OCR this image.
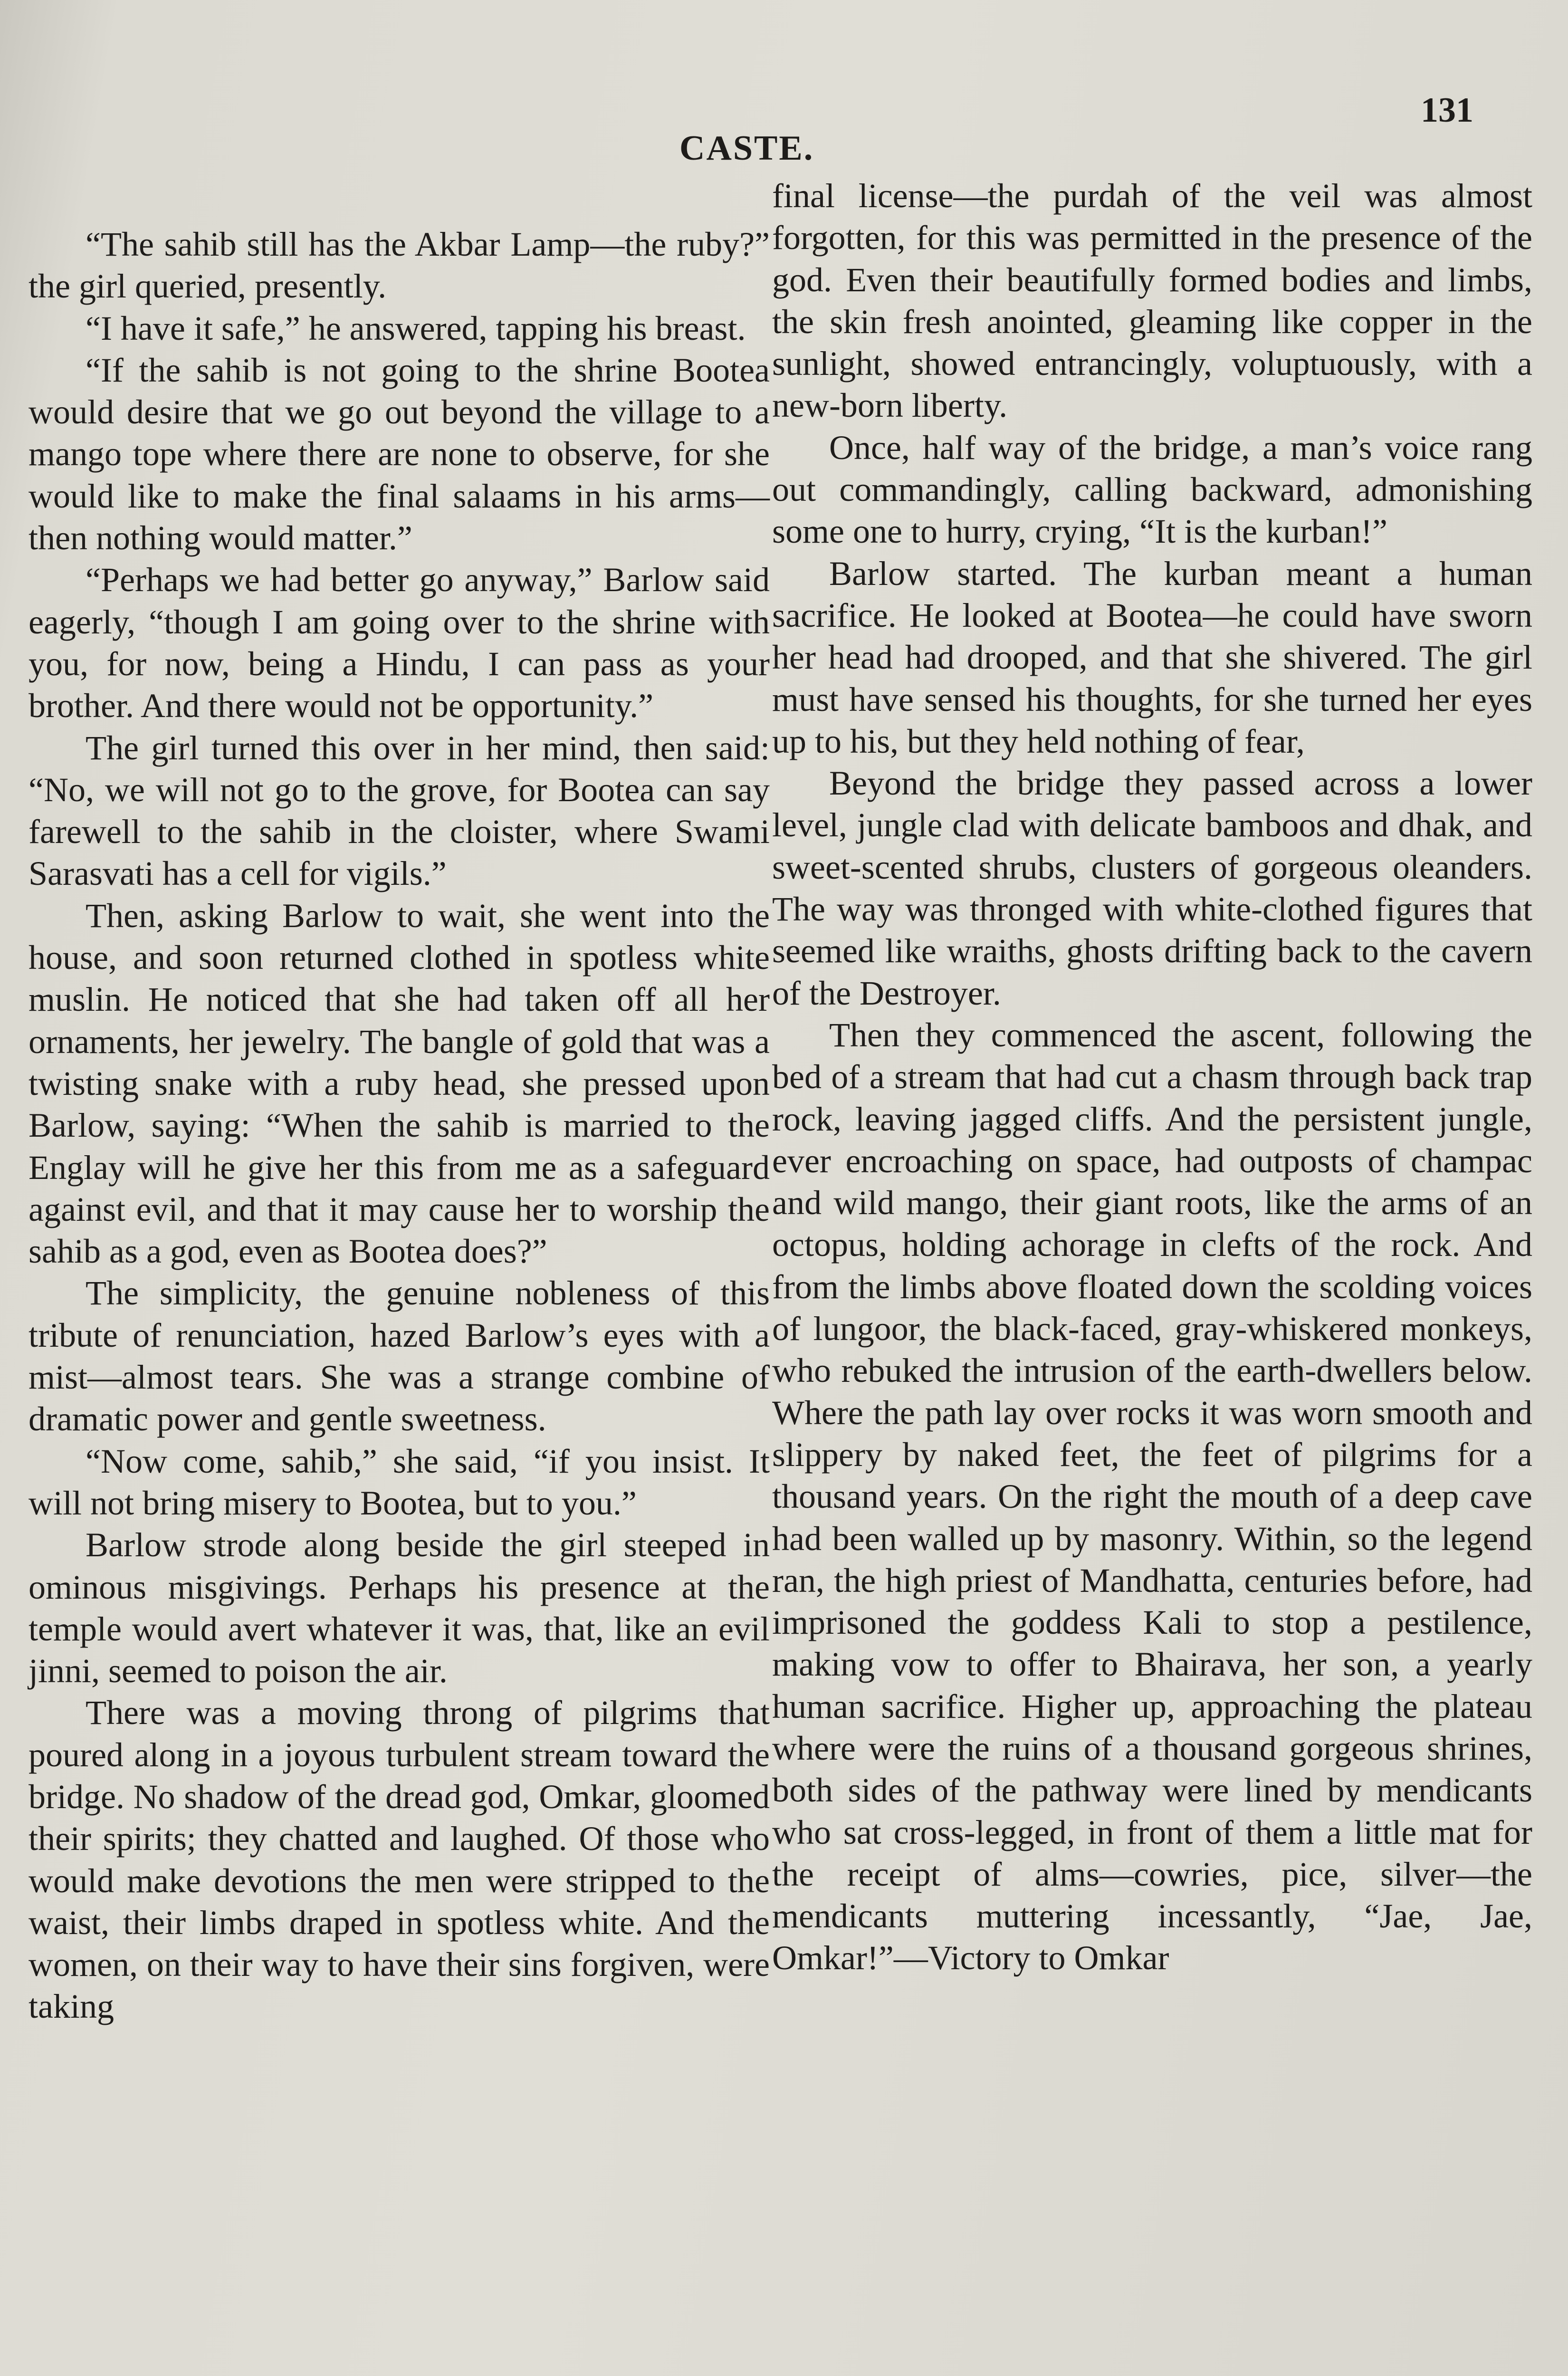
CASTE.
131

“The sahib still has the Akbar Lamp—the ruby?” the girl queried, presently.

“I have it safe,” he answered, tapping his breast.

“If the sahib is not going to the shrine Bootea would desire that we go out beyond the village to a mango tope where there are none to observe, for she would like to make the final salaams in his arms—then nothing would matter.”

“Perhaps we had better go anyway,” Barlow said eagerly, “though I am going over to the shrine with you, for now, being a Hindu, I can pass as your brother. And there would not be opportunity.”

The girl turned this over in her mind, then said: “No, we will not go to the grove, for Bootea can say farewell to the sahib in the cloister, where Swami Sarasvati has a cell for vigils.”

Then, asking Barlow to wait, she went into the house, and soon returned clothed in spotless white muslin. He noticed that she had taken off all her ornaments, her jewelry. The bangle of gold that was a twisting snake with a ruby head, she pressed upon Barlow, saying: “When the sahib is married to the Englay will he give her this from me as a safeguard against evil, and that it may cause her to worship the sahib as a god, even as Bootea does?”

The simplicity, the genuine nobleness of this tribute of renunciation, hazed Barlow’s eyes with a mist—almost tears. She was a strange combine of dramatic power and gentle sweetness.

“Now come, sahib,” she said, “if you insist. It will not bring misery to Bootea, but to you.”

Barlow strode along beside the girl steeped in ominous misgivings. Perhaps his presence at the temple would avert whatever it was, that, like an evil jinni, seemed to poison the air.

There was a moving throng of pilgrims that poured along in a joyous turbulent stream toward the bridge. No shadow of the dread god, Omkar, gloomed their spirits; they chatted and laughed. Of those who would make devotions the men were stripped to the waist, their limbs draped in spotless white. And the women, on their way to have their sins forgiven, were taking

final license—the purdah of the veil was almost forgotten, for this was permitted in the presence of the god. Even their beautifully formed bodies and limbs, the skin fresh anointed, gleaming like copper in the sunlight, showed entrancingly, voluptuously, with a new-born liberty.

Once, half way of the bridge, a man’s voice rang out commandingly, calling backward, admonishing some one to hurry, crying, “It is the kurban!”

Barlow started. The kurban meant a human sacrifice. He looked at Bootea—he could have sworn her head had drooped, and that she shivered. The girl must have sensed his thoughts, for she turned her eyes up to his, but they held nothing of fear,

Beyond the bridge they passed across a lower level, jungle clad with delicate bamboos and dhak, and sweet-scented shrubs, clusters of gorgeous oleanders. The way was thronged with white-clothed figures that seemed like wraiths, ghosts drifting back to the cavern of the Destroyer.

Then they commenced the ascent, following the bed of a stream that had cut a chasm through back trap rock, leaving jagged cliffs. And the persistent jungle, ever encroaching on space, had outposts of champac and wild mango, their giant roots, like the arms of an octopus, holding achorage in clefts of the rock. And from the limbs above floated down the scolding voices of lungoor, the black-faced, gray-whiskered monkeys, who rebuked the intrusion of the earth-dwellers below. Where the path lay over rocks it was worn smooth and slippery by naked feet, the feet of pilgrims for a thousand years. On the right the mouth of a deep cave had been walled up by masonry. Within, so the legend ran, the high priest of Mandhatta, centuries before, had imprisoned the goddess Kali to stop a pestilence, making vow to offer to Bhairava, her son, a yearly human sacrifice. Higher up, approaching the plateau where were the ruins of a thousand gorgeous shrines, both sides of the pathway were lined by mendicants who sat cross-legged, in front of them a little mat for the receipt of alms—cowries, pice, silver—the mendicants muttering incessantly, “Jae, Jae, Omkar!”—Victory to Omkar
